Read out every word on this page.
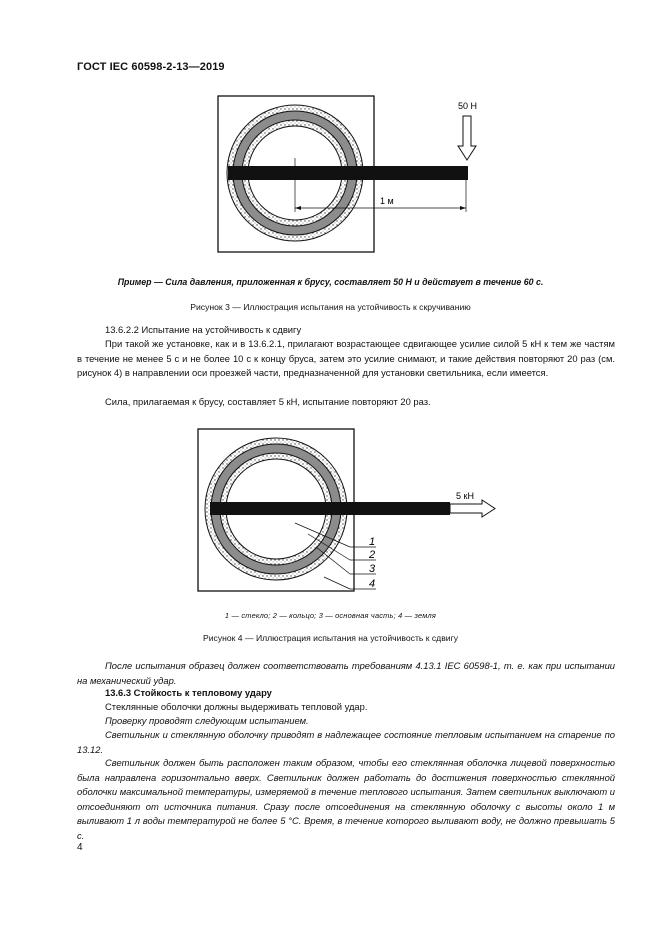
ГОСТ IEC 60598-2-13—2019
1 м
50 Н
Пример — Сила давления, приложенная к брусу, составляет 50 Н и действует в течение 60 с.
Рисунок 3 — Иллюстрация испытания на устойчивость к скручиванию
13.6.2.2 Испытание на устойчивость к сдвигу
При такой же установке, как и в 13.6.2.1, прилагают возрастающее сдвигающее усилие силой 5 кН к тем же частям в течение не менее 5 с и не более 10 с к концу бруса, затем это усилие снимают, и такие действия повторяют 20 раз (см. рисунок 4) в направлении оси проезжей части, предназначенной для установки светильника, если имеется.
Сила, прилагаемая к брусу, составляет 5 кН, испытание повторяют 20 раз.
5 кН
1
2
3
4
1 — стекло; 2 — кольцо; 3 — основная часть; 4 — земля
Рисунок 4 — Иллюстрация испытания на устойчивость к сдвигу
После испытания образец должен соответствовать требованиям 4.13.1 IEC 60598-1, т. е. как при испытании на механический удар.
13.6.3 Стойкость к тепловому удару
Стеклянные оболочки должны выдерживать тепловой удар.
Проверку проводят следующим испытанием.
Светильник и стеклянную оболочку приводят в надлежащее состояние тепловым испытанием на старение по 13.12.
Светильник должен быть расположен таким образом, чтобы его стеклянная оболочка лицевой поверхностью была направлена горизонтально вверх. Светильник должен работать до достижения поверхностью стеклянной оболочки максимальной температуры, измеряемой в течение теплового испытания. Затем светильник выключают и отсоединяют от источника питания. Сразу после отсоединения на стеклянную оболочку с высоты около 1 м выливают 1 л воды температурой не более 5 °С. Время, в течение которого выливают воду, не должно превышать 5 с.
4
